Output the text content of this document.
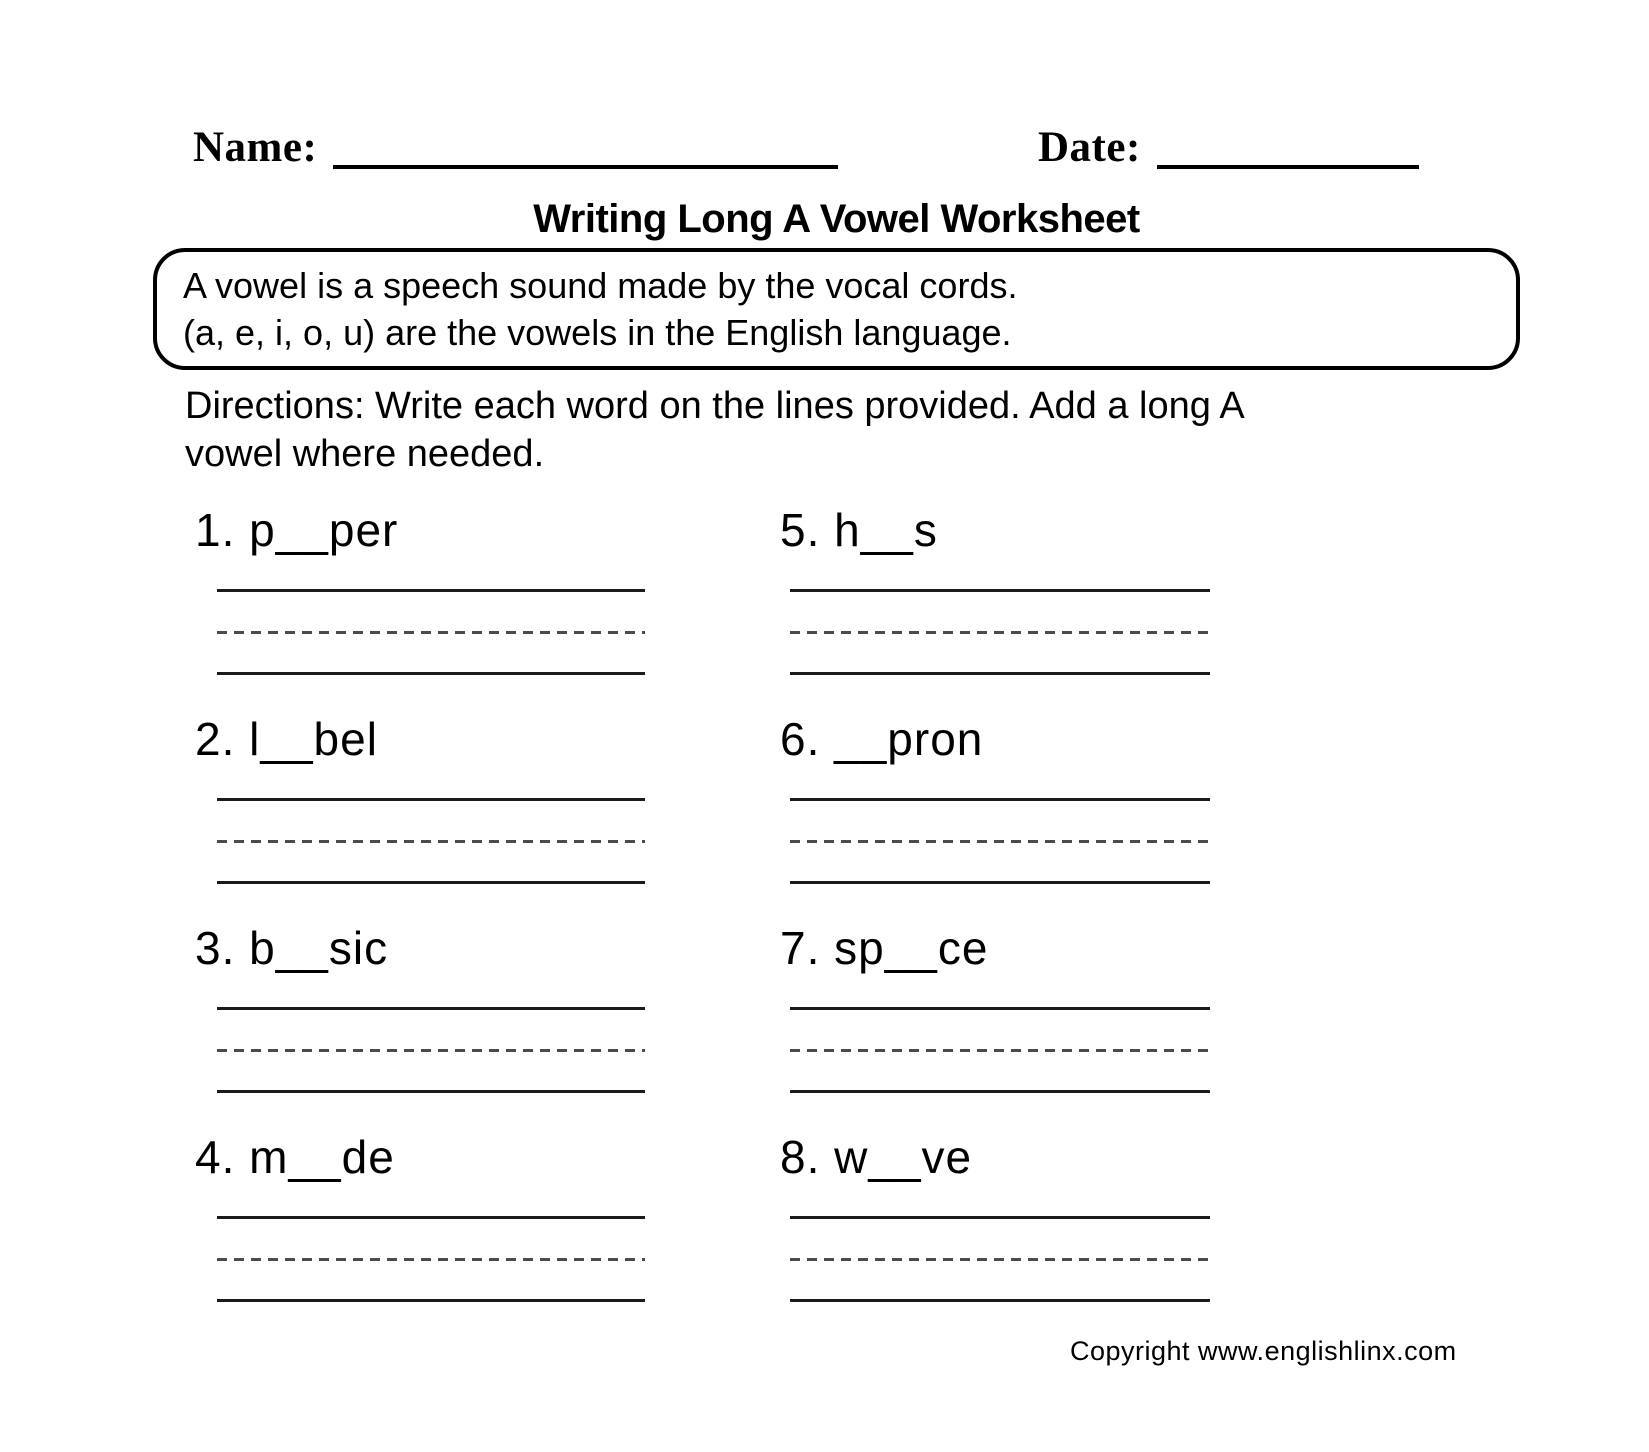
Name:	Date:
Writing Long A Vowel Worksheet
A vowel is a speech sound made by the vocal cords.
(a, e, i, o, u) are the vowels in the English language.
Directions: Write each word on the lines provided. Add a long A
vowel where needed.
1. p__per
2. l__bel
3. b__sic
4. m__de
5. h__s
6. __pron
7. sp__ce
8. w__ve
Copyright www.englishlinx.com
